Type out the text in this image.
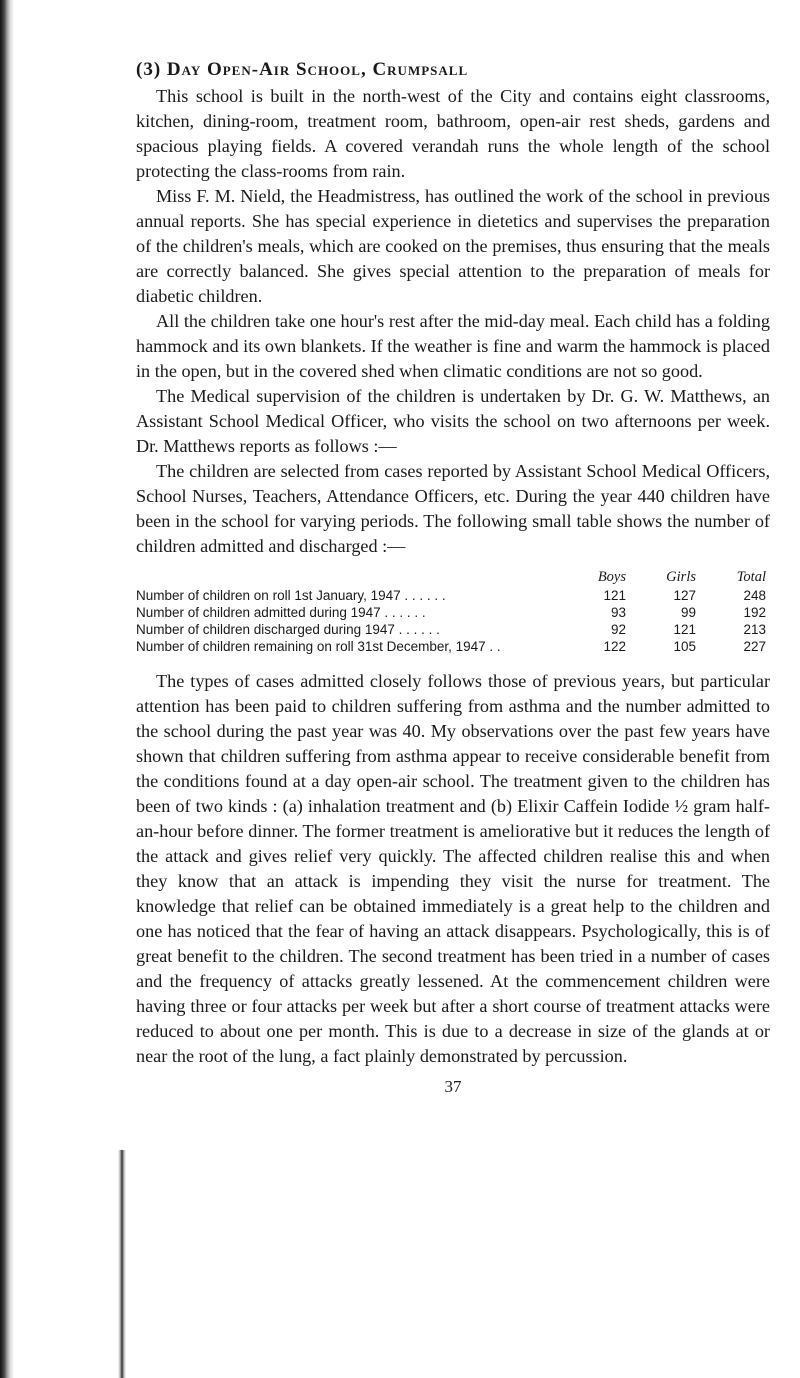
(3) Day Open-Air School, Crumpsall

This school is built in the north-west of the City and contains eight classrooms, kitchen, dining-room, treatment room, bathroom, open-air rest sheds, gardens and spacious playing fields. A covered verandah runs the whole length of the school protecting the class-rooms from rain.

Miss F. M. Nield, the Headmistress, has outlined the work of the school in previous annual reports. She has special experience in dietetics and supervises the preparation of the children's meals, which are cooked on the premises, thus ensuring that the meals are correctly balanced. She gives special attention to the preparation of meals for diabetic children.

All the children take one hour's rest after the mid-day meal. Each child has a folding hammock and its own blankets. If the weather is fine and warm the hammock is placed in the open, but in the covered shed when climatic conditions are not so good.

The Medical supervision of the children is undertaken by Dr. G. W. Matthews, an Assistant School Medical Officer, who visits the school on two afternoons per week. Dr. Matthews reports as follows :—

The children are selected from cases reported by Assistant School Medical Officers, School Nurses, Teachers, Attendance Officers, etc. During the year 440 children have been in the school for varying periods. The following small table shows the number of children admitted and discharged :—

Boys	Girls	Total
Number of children on roll 1st January, 1947 . . . . . .	121	127	248
Number of children admitted during 1947 . . . . . .	93	99	192
Number of children discharged during 1947 . . . . . .	92	121	213
Number of children remaining on roll 31st December, 1947 . .	122	105	227

The types of cases admitted closely follows those of previous years, but particular attention has been paid to children suffering from asthma and the number admitted to the school during the past year was 40. My observations over the past few years have shown that children suffering from asthma appear to receive considerable benefit from the conditions found at a day open-air school. The treatment given to the children has been of two kinds : (a) inhalation treatment and (b) Elixir Caffein Iodide ½ gram half-an-hour before dinner. The former treatment is ameliorative but it reduces the length of the attack and gives relief very quickly. The affected children realise this and when they know that an attack is impending they visit the nurse for treatment. The knowledge that relief can be obtained immediately is a great help to the children and one has noticed that the fear of having an attack disappears. Psychologically, this is of great benefit to the children. The second treatment has been tried in a number of cases and the frequency of attacks greatly lessened. At the commencement children were having three or four attacks per week but after a short course of treatment attacks were reduced to about one per month. This is due to a decrease in size of the glands at or near the root of the lung, a fact plainly demonstrated by percussion.

37
